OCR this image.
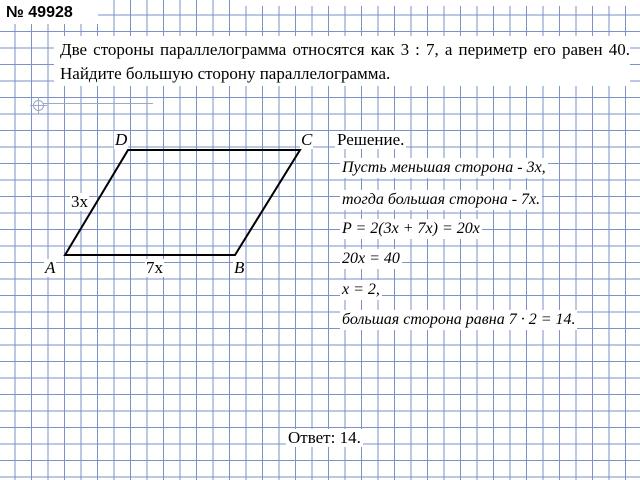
№ 49928
Две стороны параллелограмма относятся как 3 : 7, а периметр его равен 40. Найдите большую сторону параллелограмма.
D	C
A	B
3x
7x
Решение.
Пусть меньшая сторона ‑ 3x,
тогда большая сторона ‑ 7x.
P = 2(3x + 7x) = 20x
20x = 40
x = 2,
большая сторона равна 7 · 2 = 14.
Ответ: 14.
